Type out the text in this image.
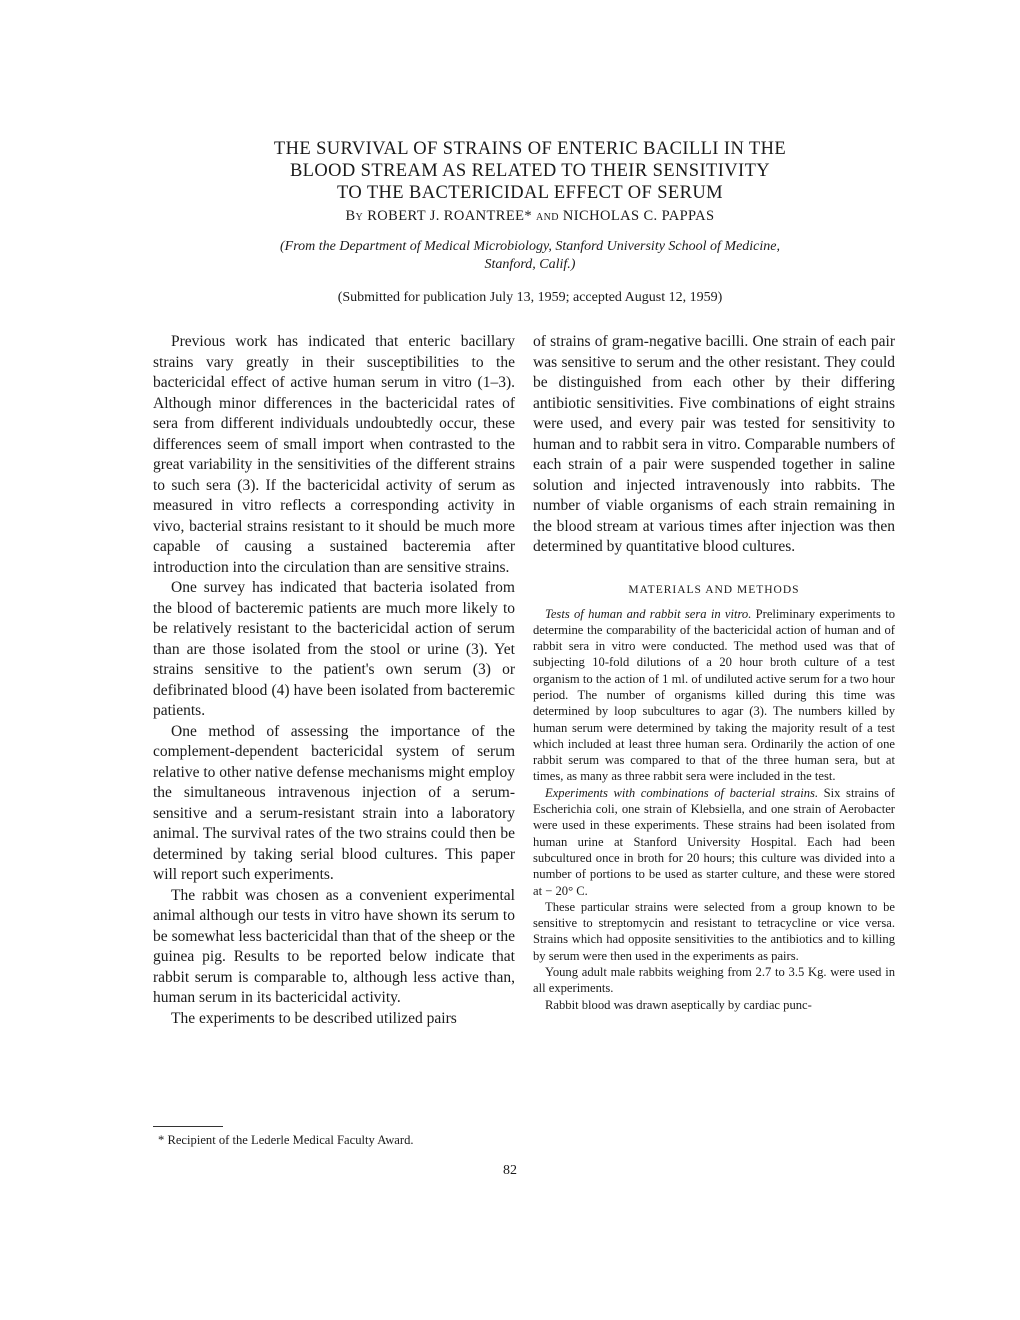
THE SURVIVAL OF STRAINS OF ENTERIC BACILLI IN THE
BLOOD STREAM AS RELATED TO THEIR SENSITIVITY
TO THE BACTERICIDAL EFFECT OF SERUM
By ROBERT J. ROANTREE* and NICHOLAS C. PAPPAS
(From the Department of Medical Microbiology, Stanford University School of Medicine,
Stanford, Calif.)
(Submitted for publication July 13, 1959; accepted August 12, 1959)

Previous work has indicated that enteric bacillary strains vary greatly in their susceptibilities to the bactericidal effect of active human serum in vitro (1–3). Although minor differences in the bactericidal rates of sera from different individuals undoubtedly occur, these differences seem of small import when contrasted to the great variability in the sensitivities of the different strains to such sera (3). If the bactericidal activity of serum as measured in vitro reflects a corresponding activity in vivo, bacterial strains resistant to it should be much more capable of causing a sustained bacteremia after introduction into the circulation than are sensitive strains.

One survey has indicated that bacteria isolated from the blood of bacteremic patients are much more likely to be relatively resistant to the bactericidal action of serum than are those isolated from the stool or urine (3). Yet strains sensitive to the patient's own serum (3) or defibrinated blood (4) have been isolated from bacteremic patients.

One method of assessing the importance of the complement-dependent bactericidal system of serum relative to other native defense mechanisms might employ the simultaneous intravenous injection of a serum-sensitive and a serum-resistant strain into a laboratory animal. The survival rates of the two strains could then be determined by taking serial blood cultures. This paper will report such experiments.

The rabbit was chosen as a convenient experimental animal although our tests in vitro have shown its serum to be somewhat less bactericidal than that of the sheep or the guinea pig. Results to be reported below indicate that rabbit serum is comparable to, although less active than, human serum in its bactericidal activity.

The experiments to be described utilized pairs

of strains of gram-negative bacilli. One strain of each pair was sensitive to serum and the other resistant. They could be distinguished from each other by their differing antibiotic sensitivities. Five combinations of eight strains were used, and every pair was tested for sensitivity to human and to rabbit sera in vitro. Comparable numbers of each strain of a pair were suspended together in saline solution and injected intravenously into rabbits. The number of viable organisms of each strain remaining in the blood stream at various times after injection was then determined by quantitative blood cultures.

MATERIALS AND METHODS

Tests of human and rabbit sera in vitro. Preliminary experiments to determine the comparability of the bactericidal action of human and of rabbit sera in vitro were conducted. The method used was that of subjecting 10-fold dilutions of a 20 hour broth culture of a test organism to the action of 1 ml. of undiluted active serum for a two hour period. The number of organisms killed during this time was determined by loop subcultures to agar (3). The numbers killed by human serum were determined by taking the majority result of a test which included at least three human sera. Ordinarily the action of one rabbit serum was compared to that of the three human sera, but at times, as many as three rabbit sera were included in the test.

Experiments with combinations of bacterial strains. Six strains of Escherichia coli, one strain of Klebsiella, and one strain of Aerobacter were used in these experiments. These strains had been isolated from human urine at Stanford University Hospital. Each had been subcultured once in broth for 20 hours; this culture was divided into a number of portions to be used as starter culture, and these were stored at − 20° C.

These particular strains were selected from a group known to be sensitive to streptomycin and resistant to tetracycline or vice versa. Strains which had opposite sensitivities to the antibiotics and to killing by serum were then used in the experiments as pairs.

Young adult male rabbits weighing from 2.7 to 3.5 Kg. were used in all experiments.

Rabbit blood was drawn aseptically by cardiac punc-

* Recipient of the Lederle Medical Faculty Award.
82
